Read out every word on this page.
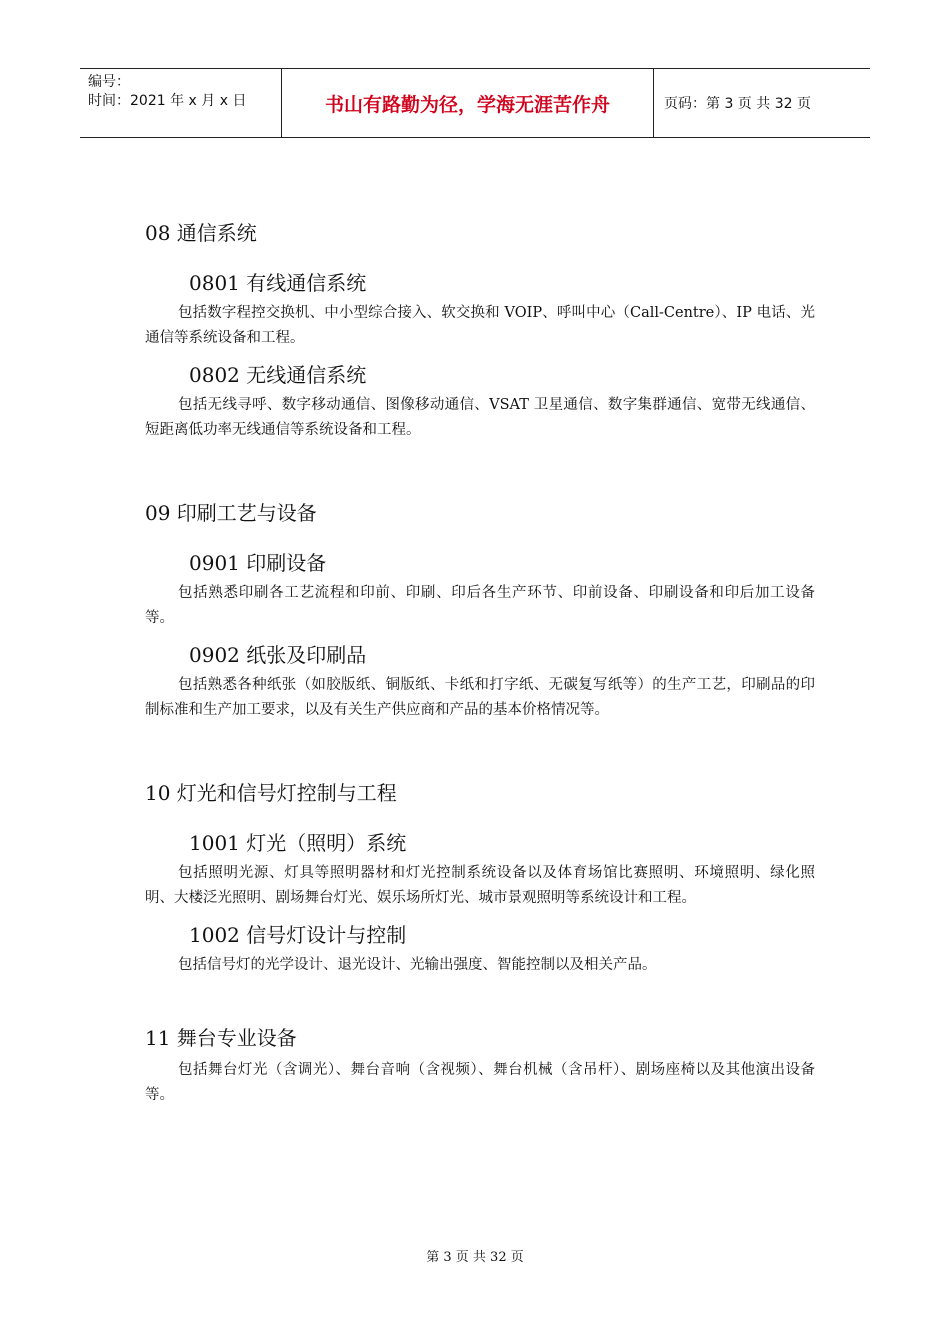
编号：
时间：2021 年 x 月 x 日	书山有路勤为径，学海无涯苦作舟	页码：第 3 页 共 32 页

08 通信系统

0801 有线通信系统

包括数字程控交换机、中小型综合接入、软交换和 VOIP、呼叫中心（Call-Centre）、IP 电话、光通信等系统设备和工程。

0802 无线通信系统

包括无线寻呼、数字移动通信、图像移动通信、VSAT 卫星通信、数字集群通信、宽带无线通信、短距离低功率无线通信等系统设备和工程。

09 印刷工艺与设备

0901 印刷设备

包括熟悉印刷各工艺流程和印前、印刷、印后各生产环节、印前设备、印刷设备和印后加工设备等。

0902 纸张及印刷品

包括熟悉各种纸张（如胶版纸、铜版纸、卡纸和打字纸、无碳复写纸等）的生产工艺，印刷品的印制标准和生产加工要求，以及有关生产供应商和产品的基本价格情况等。

10 灯光和信号灯控制与工程

1001 灯光（照明）系统

包括照明光源、灯具等照明器材和灯光控制系统设备以及体育场馆比赛照明、环境照明、绿化照明、大楼泛光照明、剧场舞台灯光、娱乐场所灯光、城市景观照明等系统设计和工程。

1002 信号灯设计与控制

包括信号灯的光学设计、退光设计、光输出强度、智能控制以及相关产品。

11 舞台专业设备

包括舞台灯光（含调光）、舞台音响（含视频）、舞台机械（含吊杆）、剧场座椅以及其他演出设备等。

第 3 页 共 32 页
